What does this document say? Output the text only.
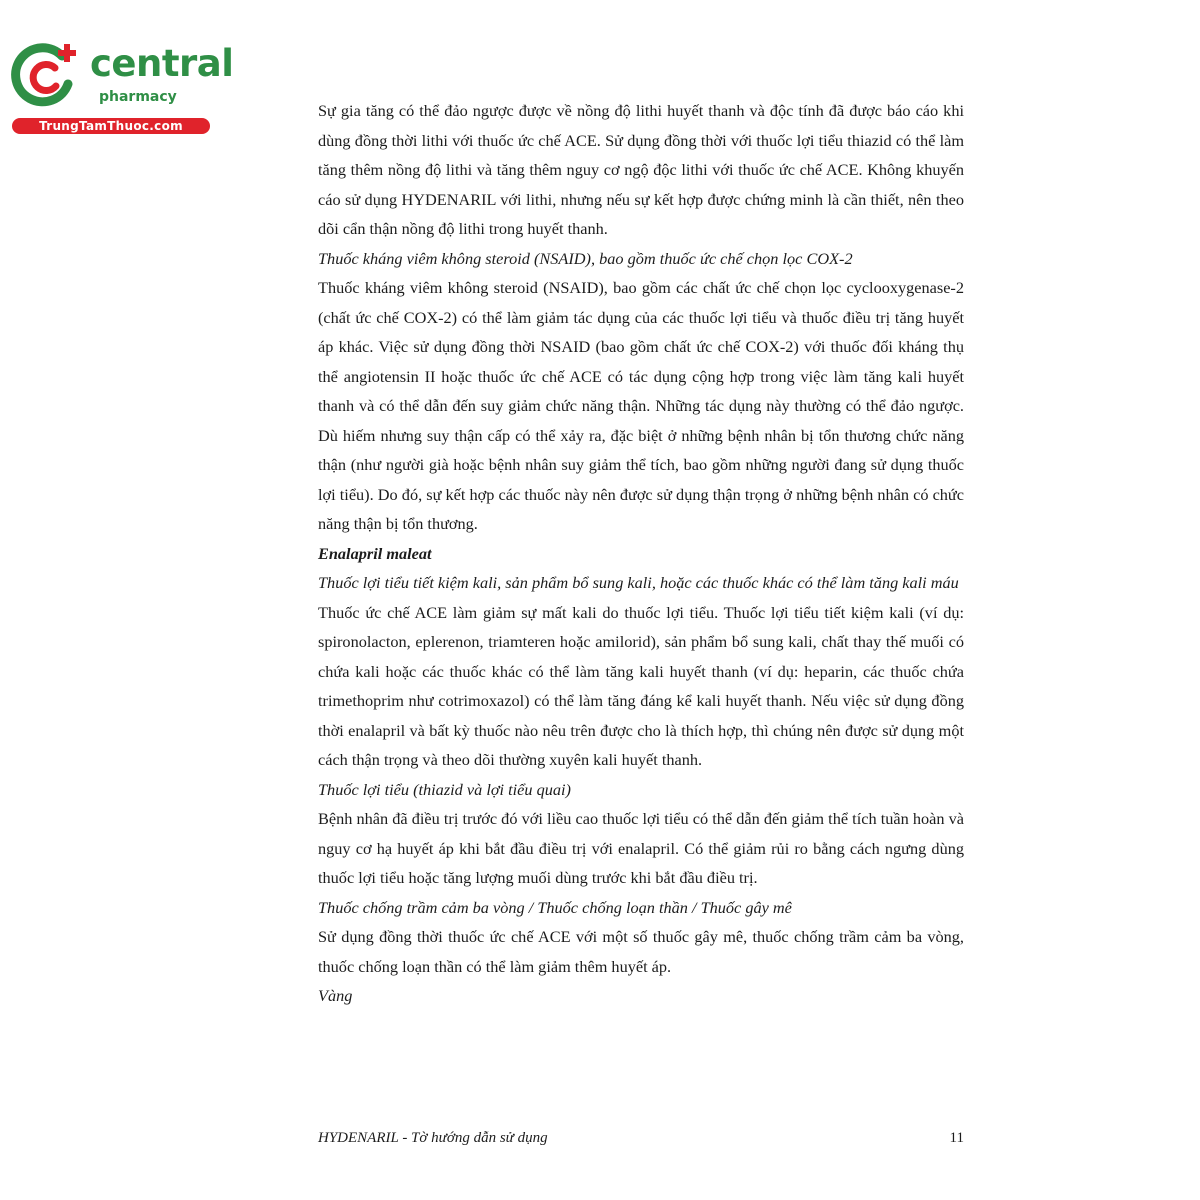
central
pharmacy
TrungTamThuoc.com

Sự gia tăng có thể đảo ngược được về nồng độ lithi huyết thanh và độc tính đã được báo cáo khi dùng đồng thời lithi với thuốc ức chế ACE. Sử dụng đồng thời với thuốc lợi tiểu thiazid có thể làm tăng thêm nồng độ lithi và tăng thêm nguy cơ ngộ độc lithi với thuốc ức chế ACE. Không khuyến cáo sử dụng HYDENARIL với lithi, nhưng nếu sự kết hợp được chứng minh là cần thiết, nên theo dõi cẩn thận nồng độ lithi trong huyết thanh.

Thuốc kháng viêm không steroid (NSAID), bao gồm thuốc ức chế chọn lọc COX-2

Thuốc kháng viêm không steroid (NSAID), bao gồm các chất ức chế chọn lọc cyclooxygenase-2 (chất ức chế COX-2) có thể làm giảm tác dụng của các thuốc lợi tiểu và thuốc điều trị tăng huyết áp khác. Việc sử dụng đồng thời NSAID (bao gồm chất ức chế COX-2) với thuốc đối kháng thụ thể angiotensin II hoặc thuốc ức chế ACE có tác dụng cộng hợp trong việc làm tăng kali huyết thanh và có thể dẫn đến suy giảm chức năng thận. Những tác dụng này thường có thể đảo ngược. Dù hiếm nhưng suy thận cấp có thể xảy ra, đặc biệt ở những bệnh nhân bị tổn thương chức năng thận (như người già hoặc bệnh nhân suy giảm thể tích, bao gồm những người đang sử dụng thuốc lợi tiểu). Do đó, sự kết hợp các thuốc này nên được sử dụng thận trọng ở những bệnh nhân có chức năng thận bị tổn thương.

Enalapril maleat

Thuốc lợi tiểu tiết kiệm kali, sản phẩm bổ sung kali, hoặc các thuốc khác có thể làm tăng kali máu

Thuốc ức chế ACE làm giảm sự mất kali do thuốc lợi tiểu. Thuốc lợi tiểu tiết kiệm kali (ví dụ: spironolacton, eplerenon, triamteren hoặc amilorid), sản phẩm bổ sung kali, chất thay thế muối có chứa kali hoặc các thuốc khác có thể làm tăng kali huyết thanh (ví dụ: heparin, các thuốc chứa trimethoprim như cotrimoxazol) có thể làm tăng đáng kể kali huyết thanh. Nếu việc sử dụng đồng thời enalapril và bất kỳ thuốc nào nêu trên được cho là thích hợp, thì chúng nên được sử dụng một cách thận trọng và theo dõi thường xuyên kali huyết thanh.

Thuốc lợi tiểu (thiazid và lợi tiểu quai)

Bệnh nhân đã điều trị trước đó với liều cao thuốc lợi tiểu có thể dẫn đến giảm thể tích tuần hoàn và nguy cơ hạ huyết áp khi bắt đầu điều trị với enalapril. Có thể giảm rủi ro bằng cách ngưng dùng thuốc lợi tiểu hoặc tăng lượng muối dùng trước khi bắt đầu điều trị.

Thuốc chống trầm cảm ba vòng / Thuốc chống loạn thần / Thuốc gây mê

Sử dụng đồng thời thuốc ức chế ACE với một số thuốc gây mê, thuốc chống trầm cảm ba vòng, thuốc chống loạn thần có thể làm giảm thêm huyết áp.

Vàng

HYDENARIL - Tờ hướng dẫn sử dụng	11
